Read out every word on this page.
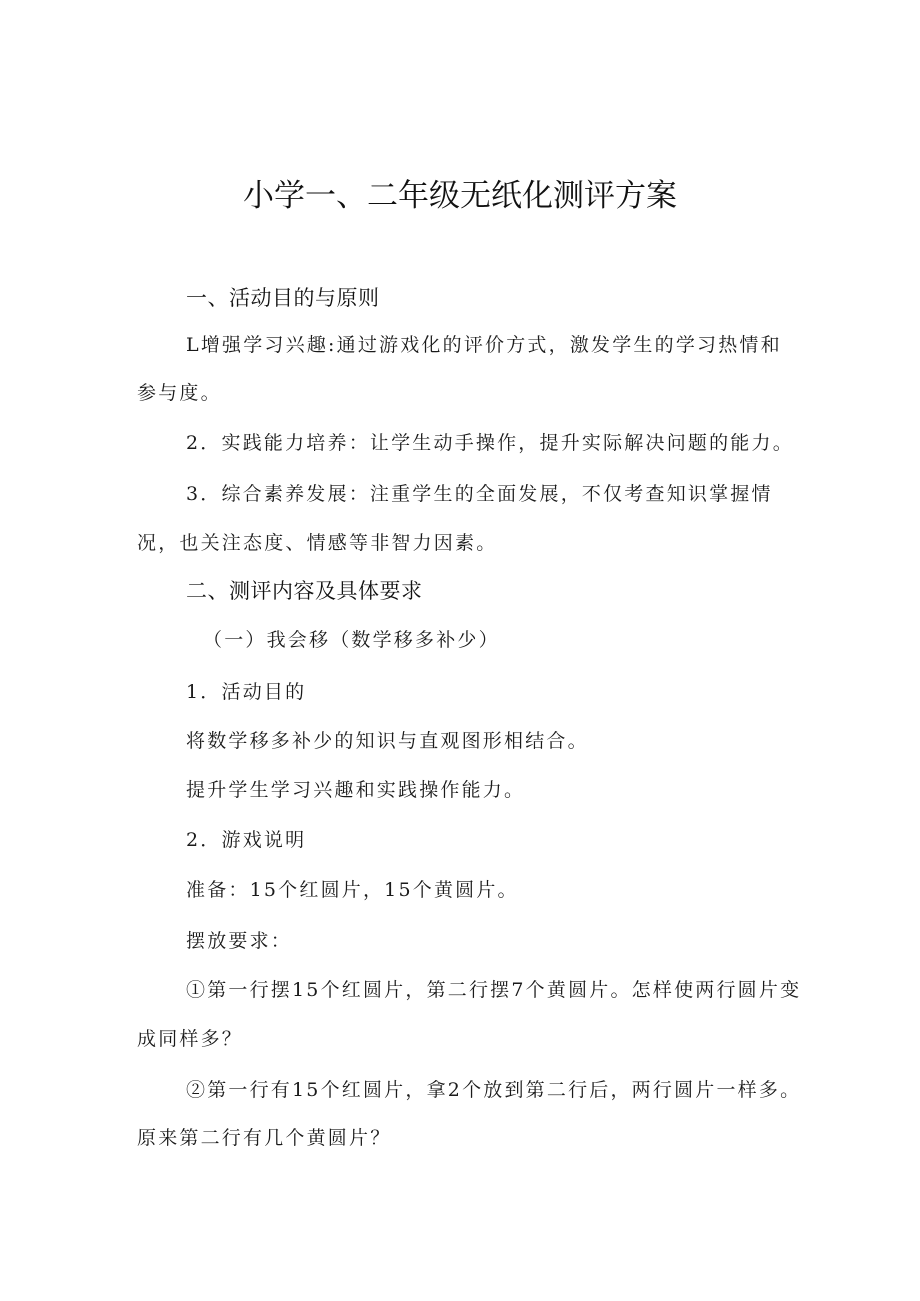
小学一、二年级无纸化测评方案
一、活动目的与原则
L增强学习兴趣:通过游戏化的评价方式，激发学生的学习热情和
参与度。
2．实践能力培养：让学生动手操作，提升实际解决问题的能力。
3．综合素养发展：注重学生的全面发展，不仅考查知识掌握情
况，也关注态度、情感等非智力因素。
二、测评内容及具体要求
（一）我会移（数学移多补少）
1．活动目的
将数学移多补少的知识与直观图形相结合。
提升学生学习兴趣和实践操作能力。
2．游戏说明
准备：15个红圆片，15个黄圆片。
摆放要求：
①第一行摆15个红圆片，第二行摆7个黄圆片。怎样使两行圆片变
成同样多？
②第一行有15个红圆片，拿2个放到第二行后，两行圆片一样多。
原来第二行有几个黄圆片？
